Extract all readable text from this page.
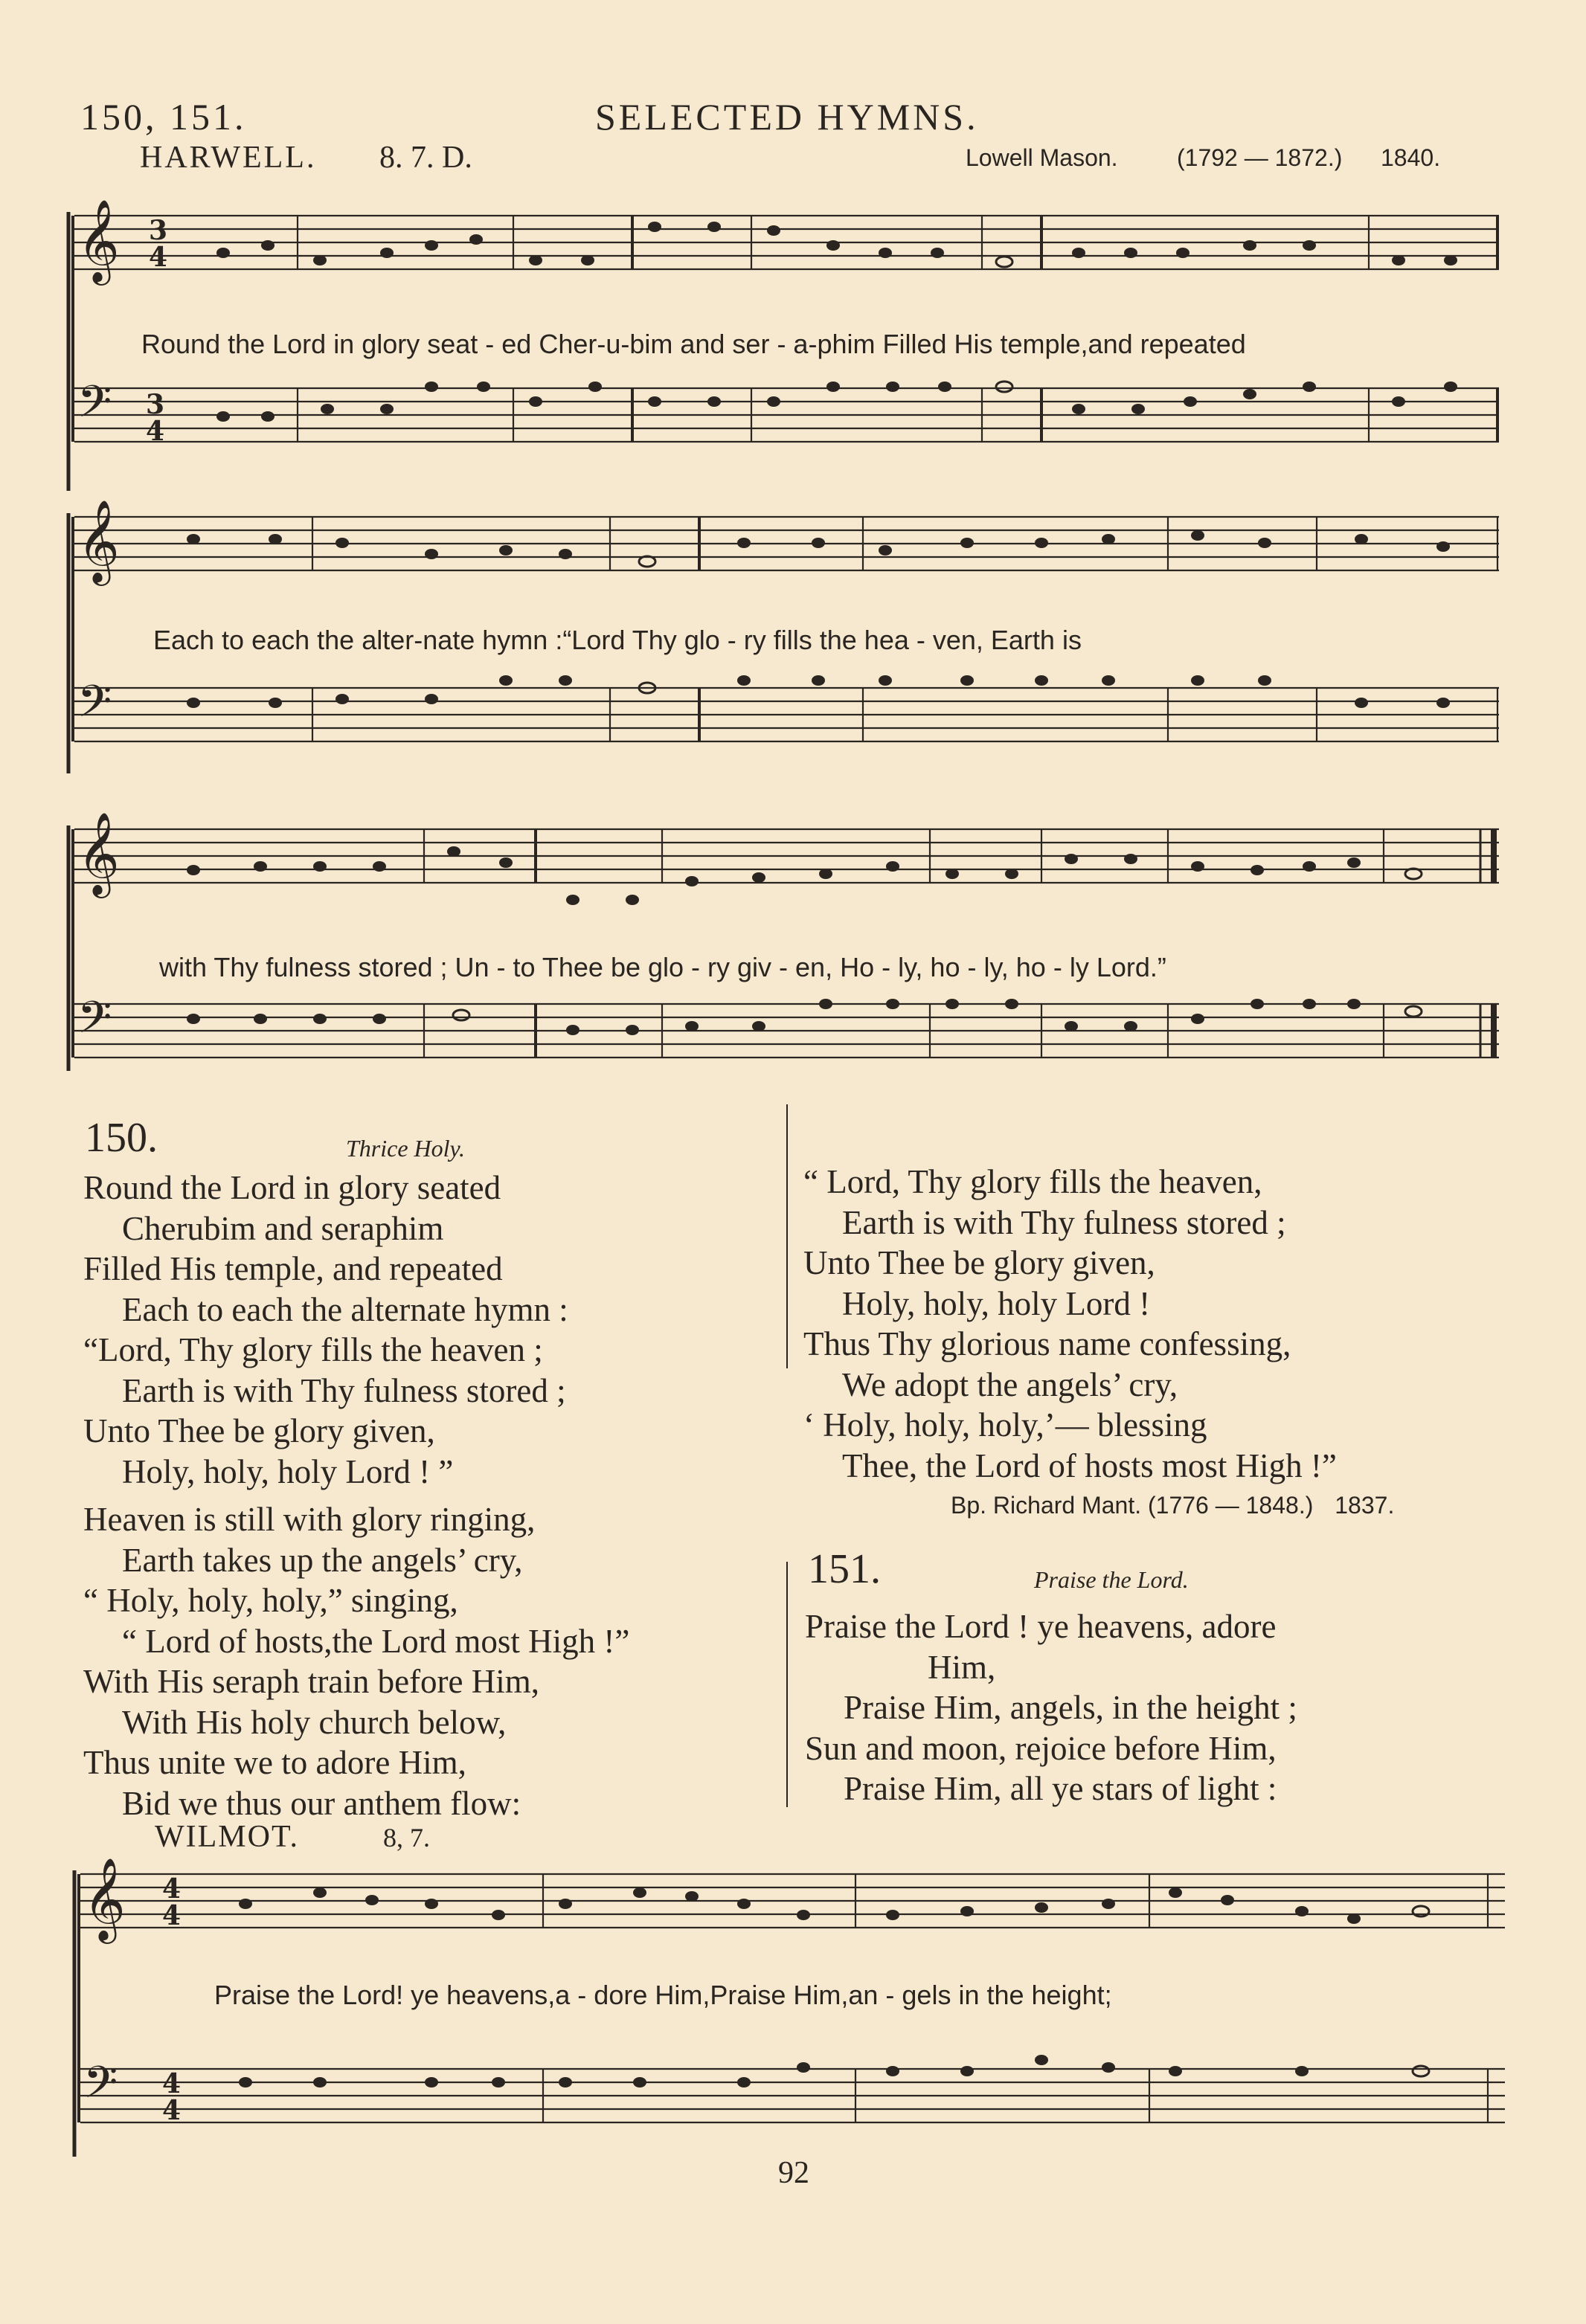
150, 151.	SELECTED HYMNS.
HARWELL. 8. 7. D.	Lowell Mason. (1792 — 1872.) 1840.
𝄞
𝄢
𝄞
𝄢
𝄞
𝄢
𝄞
𝄢
3
4
3
4
4
4
4
4
Round the Lord in glory seat - ed Cher-u-bim and ser - a-phim Filled His temple,and repeated
Each to each the alter-nate hymn :“Lord Thy glo - ry fills the hea - ven, Earth is
with Thy fulness stored ; Un - to Thee be glo - ry giv - en, Ho - ly, ho - ly, ho - ly Lord.”
150.	Thrice Holy.
Round the Lord in glory seated
Cherubim and seraphim
Filled His temple, and repeated
Each to each the alternate hymn :
“Lord, Thy glory fills the heaven ;
Earth is with Thy fulness stored ;
Unto Thee be glory given,
Holy, holy, holy Lord ! ”
Heaven is still with glory ringing,
Earth takes up the angels’ cry,
“ Holy, holy, holy,” singing,
“ Lord of hosts,the Lord most High !”
With His seraph train before Him,
With His holy church below,
Thus unite we to adore Him,
Bid we thus our anthem flow:
“ Lord, Thy glory fills the heaven,
Earth is with Thy fulness stored ;
Unto Thee be glory given,
Holy, holy, holy Lord !
Thus Thy glorious name confessing,
We adopt the angels’ cry,
‘ Holy, holy, holy,’— blessing
Thee, the Lord of hosts most High !”
Bp. Richard Mant. (1776 — 1848.) 1837.
151.	Praise the Lord.
Praise the Lord ! ye heavens, adore
Him,
Praise Him, angels, in the height ;
Sun and moon, rejoice before Him,
Praise Him, all ye stars of light :
WILMOT.	8, 7.
Praise the Lord! ye heavens,a - dore Him,Praise Him,an - gels in the height;
92
